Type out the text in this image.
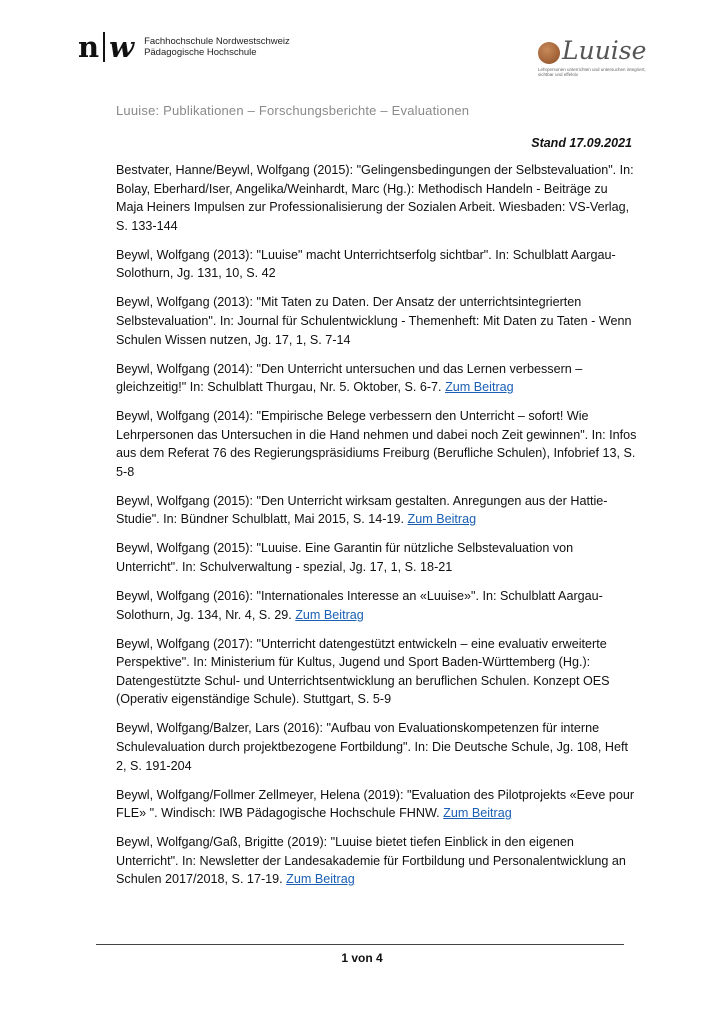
n w Fachhochschule Nordwestschweiz
Pädagogische Hochschule	Luuise
Lehrpersonen unterrichten und untersuchen integriert, sichtbar und effektiv
Luuise: Publikationen – Forschungsberichte – Evaluationen
Stand 17.09.2021

Bestvater, Hanne/Beywl, Wolfgang (2015): "Gelingensbedingungen der Selbstevaluation". In: Bolay, Eberhard/Iser, Angelika/Weinhardt, Marc (Hg.): Methodisch Handeln - Beiträge zu Maja Heiners Impulsen zur Professionalisierung der Sozialen Arbeit. Wiesbaden: VS-Verlag, S. 133-144

Beywl, Wolfgang (2013): "Luuise" macht Unterrichtserfolg sichtbar". In: Schulblatt Aargau-Solothurn, Jg. 131, 10, S. 42

Beywl, Wolfgang (2013): "Mit Taten zu Daten. Der Ansatz der unterrichtsintegrierten Selbstevaluation". In: Journal für Schulentwicklung - Themenheft: Mit Daten zu Taten - Wenn Schulen Wissen nutzen, Jg. 17, 1, S. 7-14

Beywl, Wolfgang (2014): "Den Unterricht untersuchen und das Lernen verbessern – gleichzeitig!" In: Schulblatt Thurgau, Nr. 5. Oktober, S. 6-7. Zum Beitrag

Beywl, Wolfgang (2014): "Empirische Belege verbessern den Unterricht – sofort! Wie Lehrpersonen das Untersuchen in die Hand nehmen und dabei noch Zeit gewinnen". In: Infos aus dem Referat 76 des Regierungspräsidiums Freiburg (Berufliche Schulen), Infobrief 13, S. 5-8

Beywl, Wolfgang (2015): "Den Unterricht wirksam gestalten. Anregungen aus der Hattie-Studie". In: Bündner Schulblatt, Mai 2015, S. 14-19. Zum Beitrag

Beywl, Wolfgang (2015): "Luuise. Eine Garantin für nützliche Selbstevaluation von Unterricht". In: Schulverwaltung - spezial, Jg. 17, 1, S. 18-21

Beywl, Wolfgang (2016): "Internationales Interesse an «Luuise»". In: Schulblatt Aargau-Solothurn, Jg. 134, Nr. 4, S. 29. Zum Beitrag

Beywl, Wolfgang (2017): "Unterricht datengestützt entwickeln – eine evaluativ erweiterte Perspektive". In: Ministerium für Kultus, Jugend und Sport Baden-Württemberg (Hg.): Datengestützte Schul- und Unterrichtsentwicklung an beruflichen Schulen. Konzept OES (Operativ eigenständige Schule). Stuttgart, S. 5-9

Beywl, Wolfgang/Balzer, Lars (2016): "Aufbau von Evaluationskompetenzen für interne Schulevaluation durch projektbezogene Fortbildung". In: Die Deutsche Schule, Jg. 108, Heft 2, S. 191-204

Beywl, Wolfgang/Follmer Zellmeyer, Helena (2019): "Evaluation des Pilotprojekts «Eeve pour FLE» ". Windisch: IWB Pädagogische Hochschule FHNW. Zum Beitrag

Beywl, Wolfgang/Gaß, Brigitte (2019): "Luuise bietet tiefen Einblick in den eigenen Unterricht". In: Newsletter der Landesakademie für Fortbildung und Personalentwicklung an Schulen 2017/2018, S. 17-19. Zum Beitrag

1 von 4
